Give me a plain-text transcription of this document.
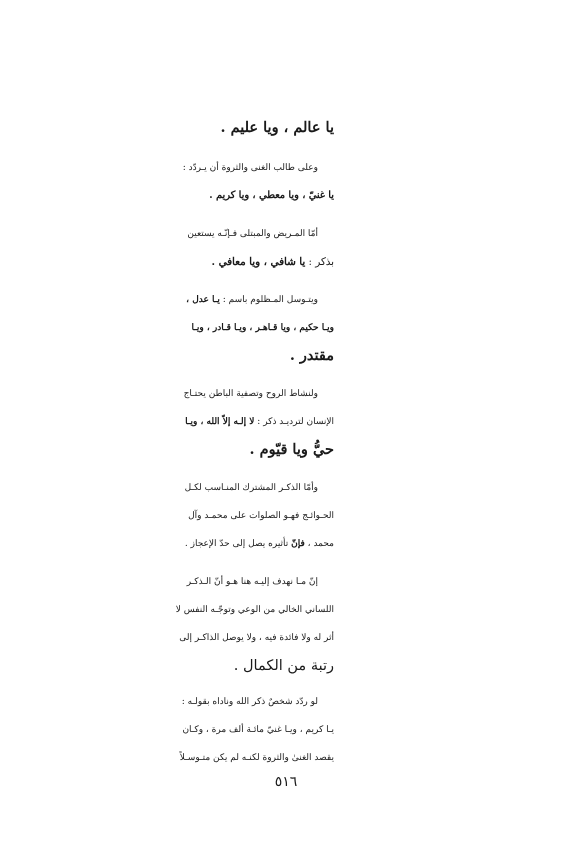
يا عالم ، ويا عليم .
وعلى طالب الغنى والثروة أن يـردّد :
يا غنيّ ، ويا معطي ، ويا كريم .
أمّا المـريض والمبتلى فـإنّـه يستعين
بذكر : يا شافي ، ويا معافي .
ويتـوسل المـظلوم باسم : يـا عدل ،
ويـا حكيم ، ويا قـاهـر ، ويـا قـادر ، ويـا
مقتدر .
ولنشاط الروح وتصفية الباطن يحتـاج
الإنسان لترديـد ذكر : لا إلـه إلاّ الله ، ويـا
حيُّ ويا قيّوم .
وأمّا الذكـر المشترك المنـاسب لكـل
الحـوائـج فهـو الصلوات على محمـد وآل
محمد ، فإنّ تأثيره يصل إلى حدّ الإعجاز .
إنّ مـا نهدف إليـه هنا هـو أنّ الـذكـر
اللساني الخالي من الوعي وتوجّـه النفس لا
أثر له ولا فائدة فيه ، ولا يوصل الذاكـر إلى
رتبة من الكمال .
لو ردّد شخصٌ ذكر الله وناداه بقولـه :
يـا كريم ، ويـا غنيّ مائـة ألف مرة ، وكـان
يقصد الغنىٰ والثروة لكنـه لم يكن متـوسـلاً
٥١٦
